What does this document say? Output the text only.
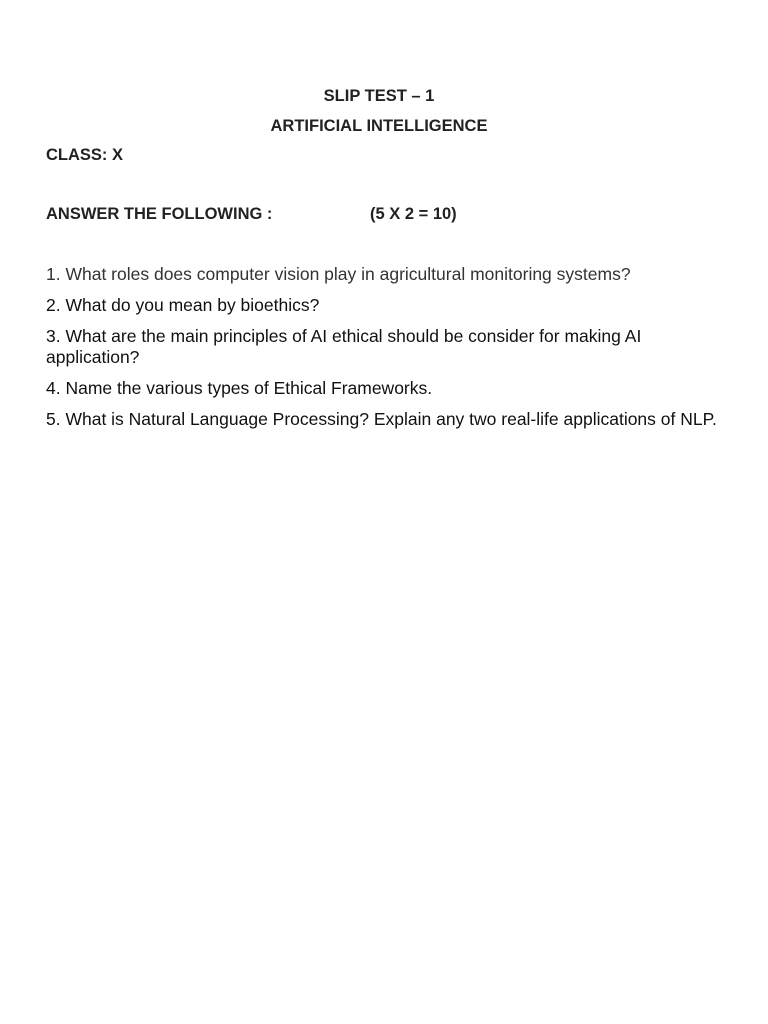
SLIP TEST – 1
ARTIFICIAL INTELLIGENCE
CLASS: X
ANSWER THE FOLLOWING :	(5 X 2 = 10)
1. What roles does computer vision play in agricultural monitoring systems?
2. What do you mean by bioethics?
3. What are the main principles of AI ethical should be consider for making AI application?
4. Name the various types of Ethical Frameworks.
5. What is Natural Language Processing? Explain any two real-life applications of NLP.
